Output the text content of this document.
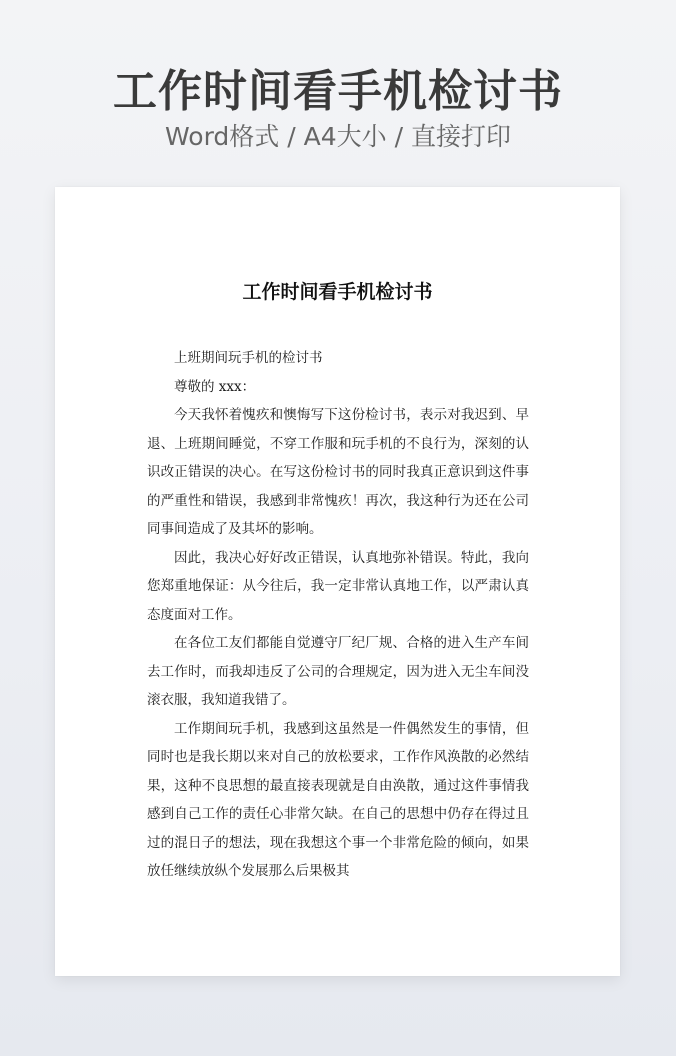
工作时间看手机检讨书
Word格式 / A4大小 / 直接打印
工作时间看手机检讨书

上班期间玩手机的检讨书

尊敬的 xxx：

今天我怀着愧疚和懊悔写下这份检讨书，表示对我迟到、早退、上班期间睡觉，不穿工作服和玩手机的不良行为，深刻的认识改正错误的决心。在写这份检讨书的同时我真正意识到这件事的严重性和错误，我感到非常愧疚！再次，我这种行为还在公司同事间造成了及其坏的影响。

因此，我决心好好改正错误，认真地弥补错误。特此，我向您郑重地保证：从今往后，我一定非常认真地工作，以严肃认真态度面对工作。

在各位工友们都能自觉遵守厂纪厂规、合格的进入生产车间去工作时，而我却违反了公司的合理规定，因为进入无尘车间没滚衣服，我知道我错了。

工作期间玩手机，我感到这虽然是一件偶然发生的事情，但同时也是我长期以来对自己的放松要求，工作作风涣散的必然结果，这种不良思想的最直接表现就是自由涣散，通过这件事情我感到自己工作的责任心非常欠缺。在自己的思想中仍存在得过且过的混日子的想法，现在我想这个事一个非常危险的倾向，如果放任继续放纵个发展那么后果极其
